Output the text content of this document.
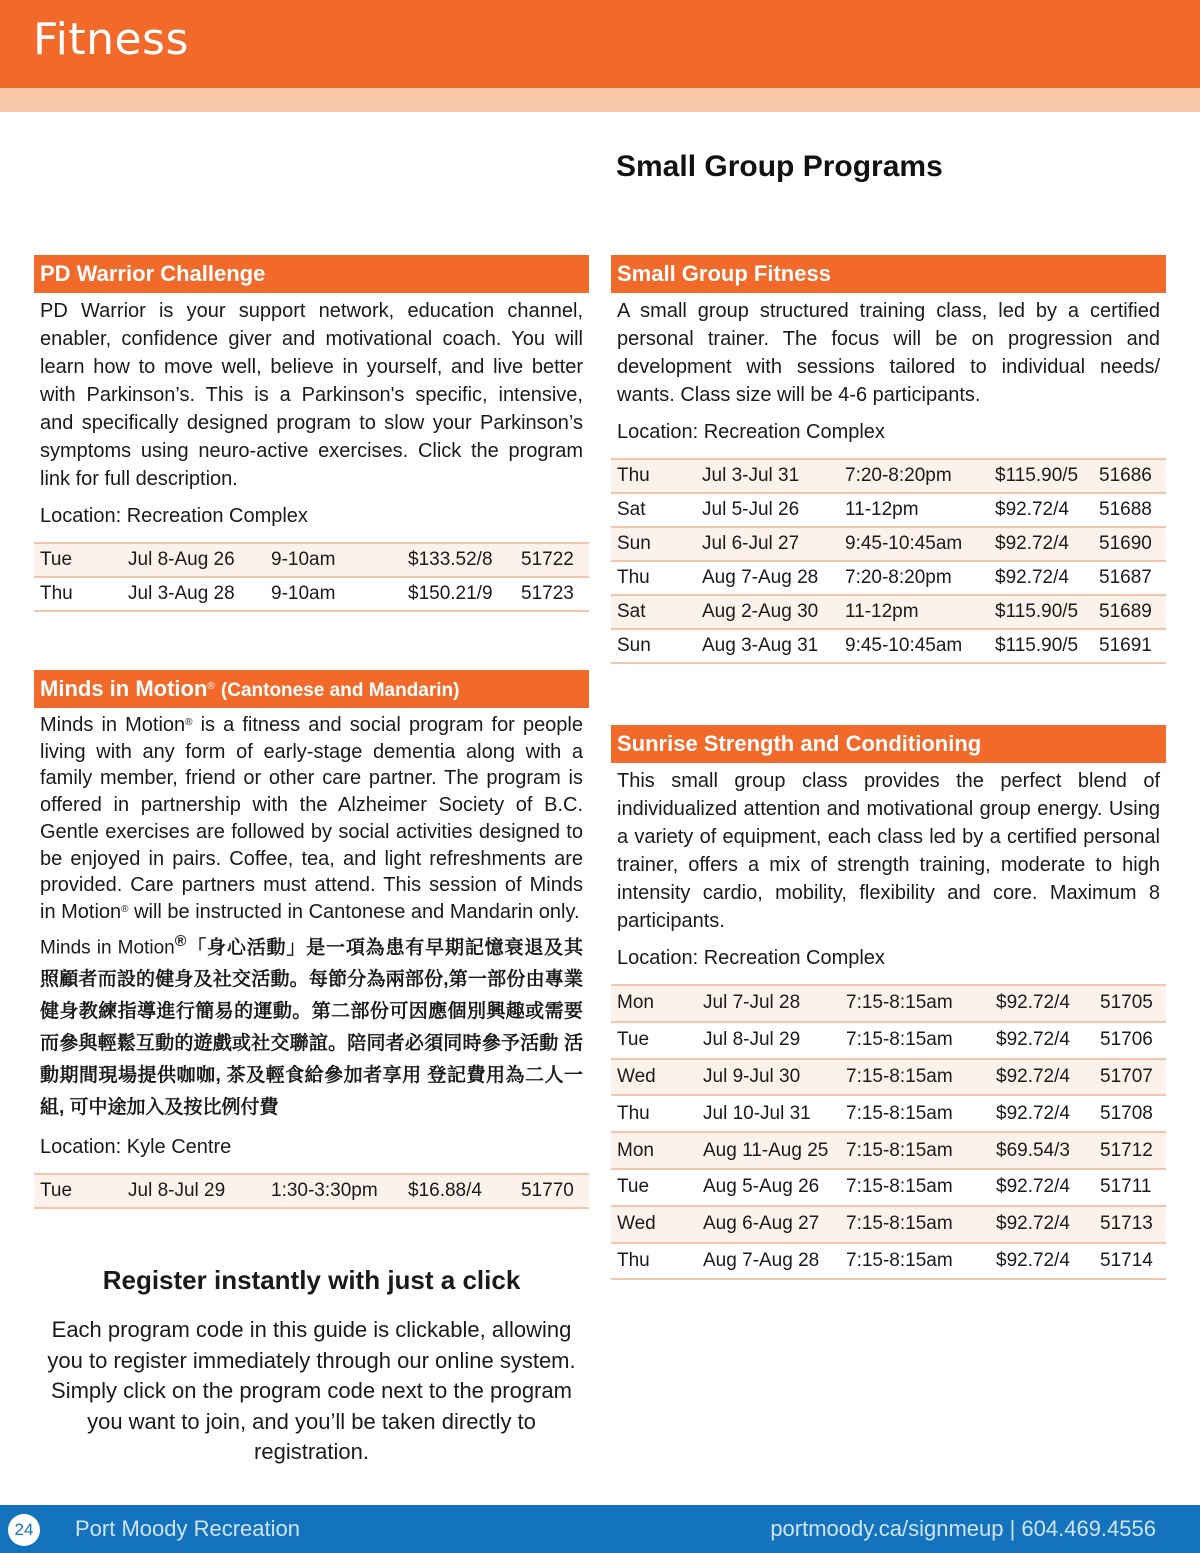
Fitness
Small Group Programs
PD Warrior Challenge
PD Warrior is your support network, education channel, enabler, confidence giver and motivational coach. You will learn how to move well, believe in yourself, and live better with Parkinson’s. This is a Parkinson's specific, intensive, and specifically designed program to slow your Parkinson’s symptoms using neuro-active exercises. Click the program link for full description.
Location: Recreation Complex
Tue	Jul 8-Aug 26	9-10am	$133.52/8	51722
Thu	Jul 3-Aug 28	9-10am	$150.21/9	51723
Minds in Motion® (Cantonese and Mandarin)
Minds in Motion® is a fitness and social program for people living with any form of early-stage dementia along with a family member, friend or other care partner. The program is offered in partnership with the Alzheimer Society of B.C. Gentle exercises are followed by social activities designed to be enjoyed in pairs. Coffee, tea, and light refreshments are provided. Care partners must attend. This session of Minds in Motion® will be instructed in Cantonese and Mandarin only.
Minds in Motion®「身心活動」是一項為患有早期記憶衰退及其照顧者而設的健身及社交活動。每節分為兩部份,第一部份由專業健身教練指導進行簡易的運動。第二部份可因應個別興趣或需要而參與輕鬆互動的遊戲或社交聯誼。陪同者必須同時參予活動 活動期間現場提供咖咖, 茶及輕食給參加者享用 登記費用為二人一組, 可中途加入及按比例付費
Location: Kyle Centre
Tue	Jul 8-Jul 29	1:30-3:30pm	$16.88/4	51770
Register instantly with just a click
Each program code in this guide is clickable, allowing you to register immediately through our online system. Simply click on the program code next to the program you want to join, and you’ll be taken directly to registration.
Small Group Fitness
A small group structured training class, led by a certified personal trainer. The focus will be on progression and development with sessions tailored to individual needs/ wants. Class size will be 4-6 participants.
Location: Recreation Complex
Thu	Jul 3-Jul 31	7:20-8:20pm	$115.90/5	51686
Sat	Jul 5-Jul 26	11-12pm	$92.72/4	51688
Sun	Jul 6-Jul 27	9:45-10:45am	$92.72/4	51690
Thu	Aug 7-Aug 28	7:20-8:20pm	$92.72/4	51687
Sat	Aug 2-Aug 30	11-12pm	$115.90/5	51689
Sun	Aug 3-Aug 31	9:45-10:45am	$115.90/5	51691
Sunrise Strength and Conditioning
This small group class provides the perfect blend of individualized attention and motivational group energy. Using a variety of equipment, each class led by a certified personal trainer, offers a mix of strength training, moderate to high intensity cardio, mobility, flexibility and core. Maximum 8 participants.
Location: Recreation Complex
Mon	Jul 7-Jul 28	7:15-8:15am	$92.72/4	51705
Tue	Jul 8-Jul 29	7:15-8:15am	$92.72/4	51706
Wed	Jul 9-Jul 30	7:15-8:15am	$92.72/4	51707
Thu	Jul 10-Jul 31	7:15-8:15am	$92.72/4	51708
Mon	Aug 11-Aug 25	7:15-8:15am	$69.54/3	51712
Tue	Aug 5-Aug 26	7:15-8:15am	$92.72/4	51711
Wed	Aug 6-Aug 27	7:15-8:15am	$92.72/4	51713
Thu	Aug 7-Aug 28	7:15-8:15am	$92.72/4	51714
24 Port Moody Recreation	portmoody.ca/signmeup | 604.469.4556
